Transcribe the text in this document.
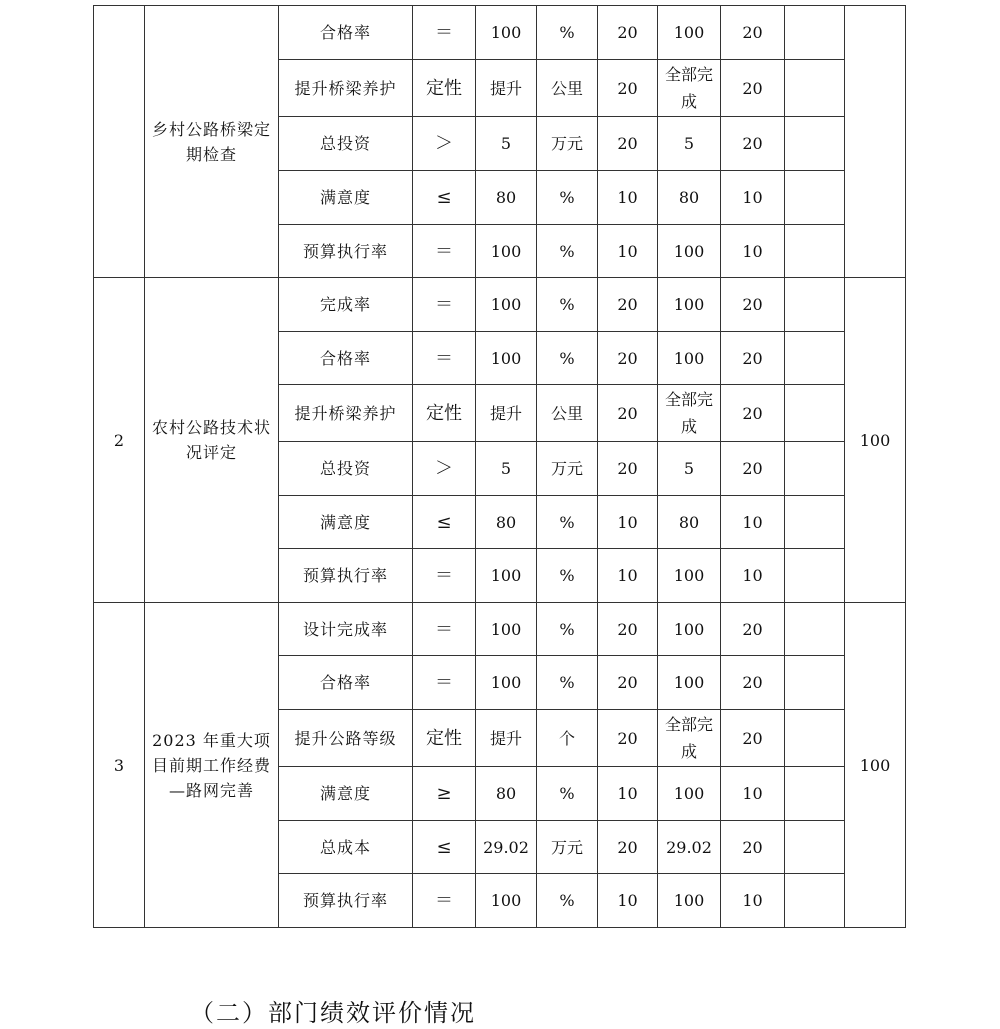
	乡村公路桥梁定期检查	合格率	＝	100	%	20	100	20		
		提升桥梁养护	定性	提升	公里	20	全部完成	20		
		总投资	＞	5	万元	20	5	20		
		满意度	≤	80	%	10	80	10		
		预算执行率	＝	100	%	10	100	10		
2	农村公路技术状况评定	完成率	＝	100	%	20	100	20		100
		合格率	＝	100	%	20	100	20		
		提升桥梁养护	定性	提升	公里	20	全部完成	20		
		总投资	＞	5	万元	20	5	20		
		满意度	≤	80	%	10	80	10		
		预算执行率	＝	100	%	10	100	10		
3	2023 年重大项目前期工作经费—路网完善	设计完成率	＝	100	%	20	100	20		100
		合格率	＝	100	%	20	100	20		
		提升公路等级	定性	提升	个	20	全部完成	20		
		满意度	≥	80	%	10	100	10		
		总成本	≤	29.02	万元	20	29.02	20		
		预算执行率	＝	100	%	10	100	10		
（二）部门绩效评价情况
